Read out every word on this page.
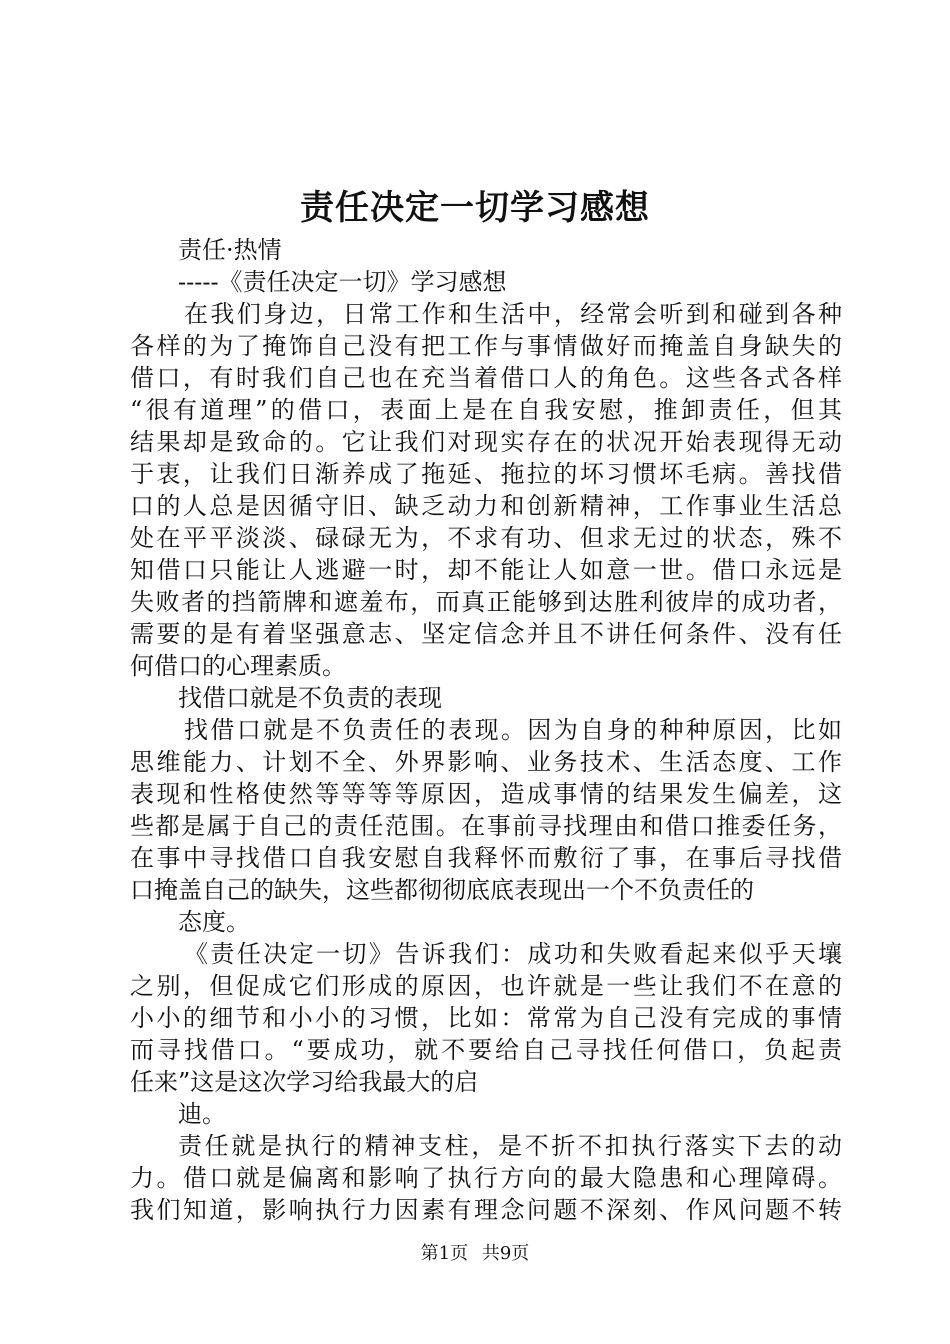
责任决定一切学习感想

责任·热情

-----《责任决定一切》学习感想

在我们身边，日常工作和生活中，经常会听到和碰到各种

各样的为了掩饰自己没有把工作与事情做好而掩盖自身缺失的

借口，有时我们自己也在充当着借口人的角色。这些各式各样

“很有道理”的借口，表面上是在自我安慰，推卸责任，但其

结果却是致命的。它让我们对现实存在的状况开始表现得无动

于衷，让我们日渐养成了拖延、拖拉的坏习惯坏毛病。善找借

口的人总是因循守旧、缺乏动力和创新精神，工作事业生活总

处在平平淡淡、碌碌无为，不求有功、但求无过的状态，殊不

知借口只能让人逃避一时，却不能让人如意一世。借口永远是

失败者的挡箭牌和遮羞布，而真正能够到达胜利彼岸的成功者，

需要的是有着坚强意志、坚定信念并且不讲任何条件、没有任

何借口的心理素质。

找借口就是不负责的表现

找借口就是不负责任的表现。因为自身的种种原因，比如

思维能力、计划不全、外界影响、业务技术、生活态度、工作

表现和性格使然等等等等原因，造成事情的结果发生偏差，这

些都是属于自己的责任范围。在事前寻找理由和借口推委任务，

在事中寻找借口自我安慰自我释怀而敷衍了事，在事后寻找借

口掩盖自己的缺失，这些都彻彻底底表现出一个不负责任的

态度。

《责任决定一切》告诉我们：成功和失败看起来似乎天壤

之别，但促成它们形成的原因，也许就是一些让我们不在意的

小小的细节和小小的习惯，比如：常常为自己没有完成的事情

而寻找借口。“要成功，就不要给自己寻找任何借口，负起责

任来”这是这次学习给我最大的启

迪。

责任就是执行的精神支柱，是不折不扣执行落实下去的动

力。借口就是偏离和影响了执行方向的最大隐患和心理障碍。

我们知道，影响执行力因素有理念问题不深刻、作风问题不转

第1页 共9页
